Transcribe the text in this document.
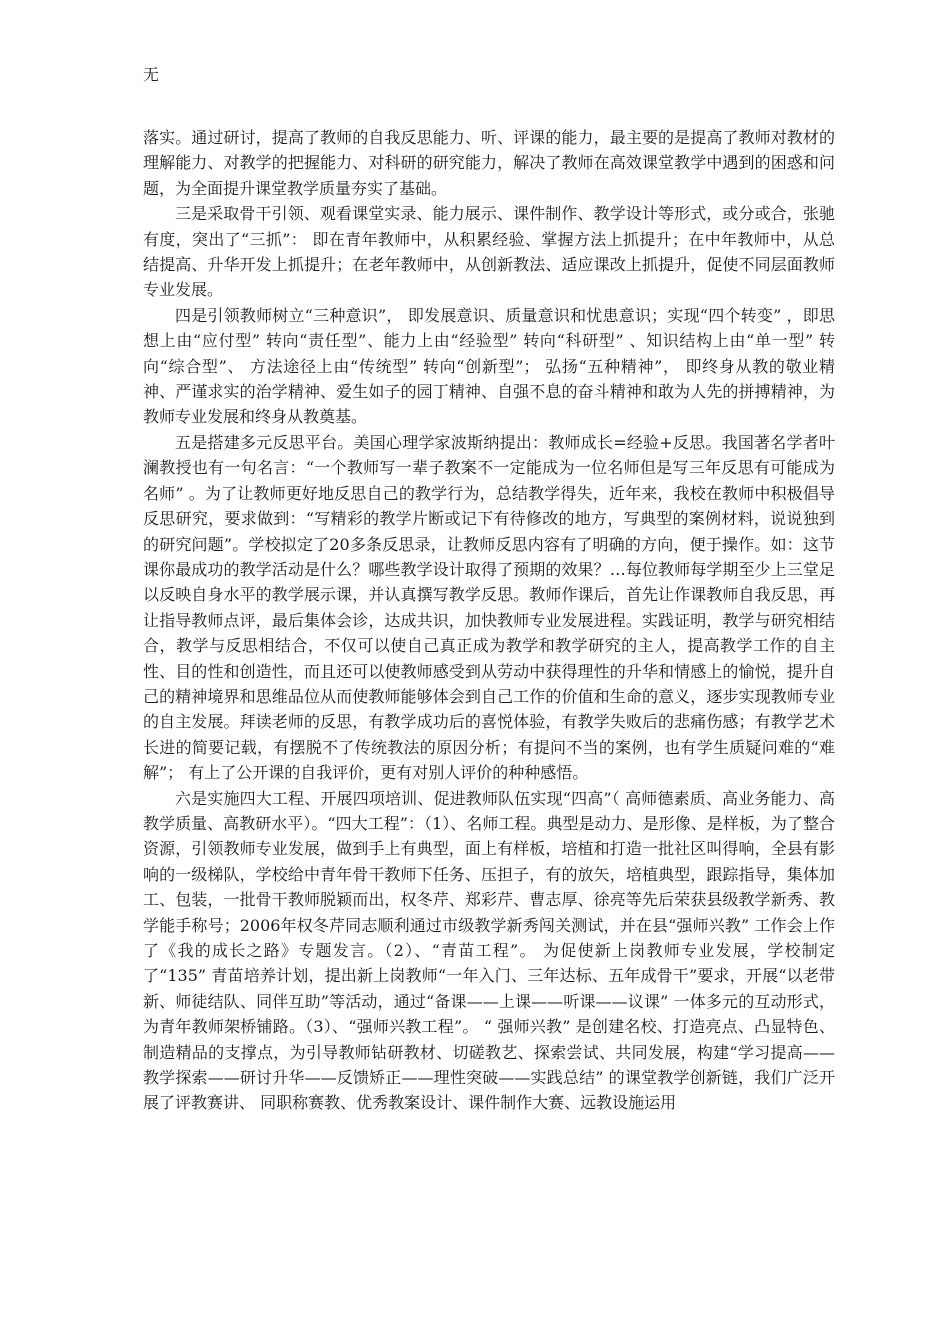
无

落实。通过研讨，提高了教师的自我反思能力、听、评课的能力，最主要的是提高了教师对教材的理解能力、对教学的把握能力、对科研的研究能力，解决了教师在高效课堂教学中遇到的困惑和问题，为全面提升课堂教学质量夯实了基础。

三是采取骨干引领、观看课堂实录、能力展示、课件制作、教学设计等形式，或分或合，张驰有度，突出了“三抓”： 即在青年教师中，从积累经验、掌握方法上抓提升；在中年教师中，从总结提高、升华开发上抓提升；在老年教师中，从创新教法、适应课改上抓提升，促使不同层面教师专业发展。

四是引领教师树立“三种意识”， 即发展意识、质量意识和忧患意识；实现“四个转变” ，即思想上由“应付型” 转向“责任型”、能力上由“经验型” 转向“科研型” 、知识结构上由“单一型” 转向“综合型”、 方法途径上由“传统型” 转向“创新型”； 弘扬“五种精神”， 即终身从教的敬业精神、严谨求实的治学精神、爱生如子的园丁精神、自强不息的奋斗精神和敢为人先的拼搏精神，为教师专业发展和终身从教奠基。

五是搭建多元反思平台。美国心理学家波斯纳提出：教师成长=经验+反思。我国著名学者叶澜教授也有一句名言：“一个教师写一辈子教案不一定能成为一位名师但是写三年反思有可能成为名师” 。为了让教师更好地反思自己的教学行为，总结教学得失，近年来，我校在教师中积极倡导反思研究，要求做到：“写精彩的教学片断或记下有待修改的地方，写典型的案例材料，说说独到的研究问题”。学校拟定了20多条反思录，让教师反思内容有了明确的方向，便于操作。如：这节课你最成功的教学活动是什么？哪些教学设计取得了预期的效果？…每位教师每学期至少上三堂足以反映自身水平的教学展示课，并认真撰写教学反思。教师作课后，首先让作课教师自我反思，再让指导教师点评，最后集体会诊，达成共识，加快教师专业发展进程。实践证明，教学与研究相结合，教学与反思相结合，不仅可以使自己真正成为教学和教学研究的主人，提高教学工作的自主性、目的性和创造性，而且还可以使教师感受到从劳动中获得理性的升华和情感上的愉悦，提升自己的精神境界和思维品位从而使教师能够体会到自己工作的价值和生命的意义，逐步实现教师专业的自主发展。拜读老师的反思，有教学成功后的喜悦体验，有教学失败后的悲痛伤感；有教学艺术长进的简要记载，有摆脱不了传统教法的原因分析；有提问不当的案例，也有学生质疑问难的“难解”； 有上了公开课的自我评价，更有对别人评价的种种感悟。

六是实施四大工程、开展四项培训、促进教师队伍实现“四高”（ 高师德素质、高业务能力、高教学质量、高教研水平）。“四大工程”：（1）、名师工程。典型是动力、是形像、是样板，为了整合资源，引领教师专业发展，做到手上有典型，面上有样板，培植和打造一批社区叫得响，全县有影响的一级梯队，学校给中青年骨干教师下任务、压担子，有的放矢，培植典型，跟踪指导，集体加工、包装，一批骨干教师脱颖而出，权冬芹、郑彩芹、曹志厚、徐亮等先后荣获县级教学新秀、教学能手称号；2006年权冬芹同志顺利通过市级教学新秀闯关测试，并在县“强师兴教” 工作会上作了《我的成长之路》专题发言。（2）、“青苗工程”。 为促使新上岗教师专业发展，学校制定了“135” 青苗培养计划，提出新上岗教师“一年入门、三年达标、五年成骨干”要求，开展“以老带新、师徒结队、同伴互助”等活动，通过“备课——上课——听课——议课” 一体多元的互动形式，为青年教师架桥铺路。（3）、“强师兴教工程”。 “ 强师兴教” 是创建名校、打造亮点、凸显特色、制造精品的支撑点，为引导教师钻研教材、切磋教艺、探索尝试、共同发展，构建“学习提高——教学探索——研讨升华——反馈矫正——理性突破——实践总结” 的课堂教学创新链，我们广泛开展了评教赛讲、 同职称赛教、优秀教案设计、课件制作大赛、远教设施运用
